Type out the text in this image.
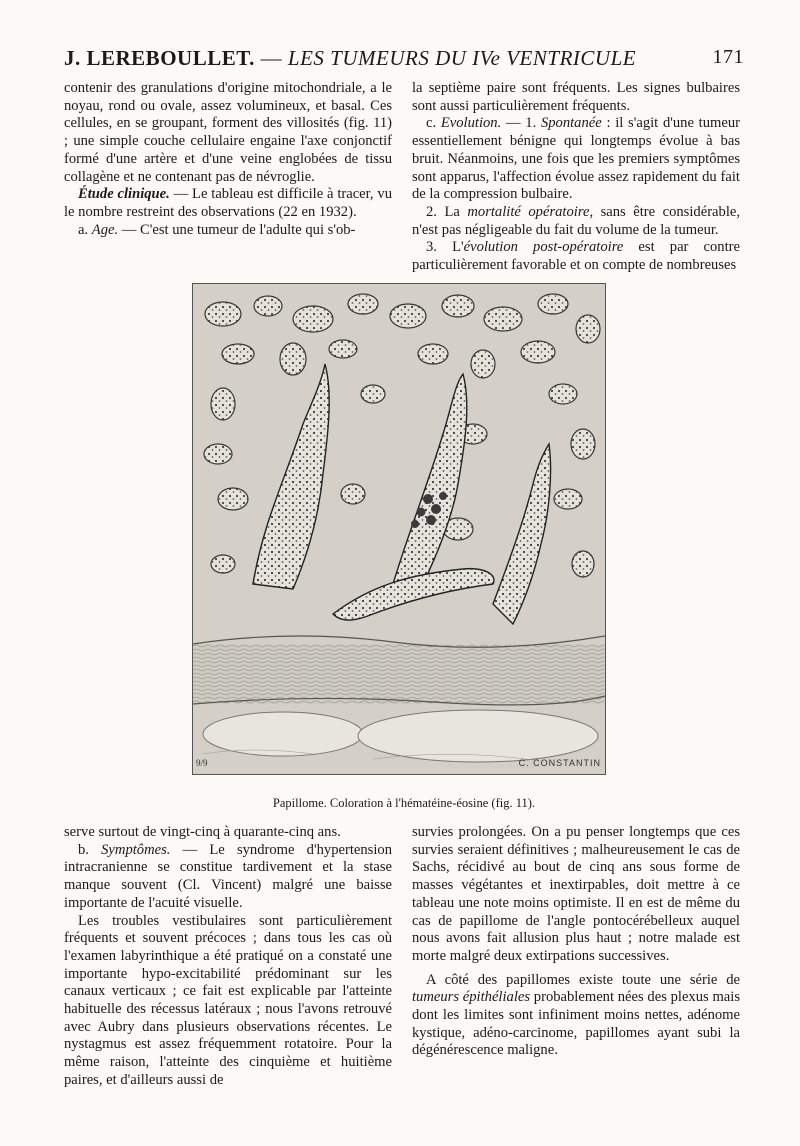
J. LEREBOULLET. — LES TUMEURS DU IVe VENTRICULE	171

contenir des granulations d'origine mitochondriale, a le noyau, rond ou ovale, assez volumineux, et basal. Ces cellules, en se groupant, forment des villosités (fig. 11) ; une simple couche cellulaire engaine l'axe conjonctif formé d'une artère et d'une veine englobées de tissu collagène et ne contenant pas de névroglie.

Étude clinique. — Le tableau est difficile à tracer, vu le nombre restreint des observations (22 en 1932).

a. Age. — C'est une tumeur de l'adulte qui s'ob-

la septième paire sont fréquents. Les signes bulbaires sont aussi particulièrement fréquents.

c. Evolution. — 1. Spontanée : il s'agit d'une tumeur essentiellement bénigne qui longtemps évolue à bas bruit. Néanmoins, une fois que les premiers symptômes sont apparus, l'affection évolue assez rapidement du fait de la compression bulbaire.

2. La mortalité opératoire, sans être considérable, n'est pas négligeable du fait du volume de la tumeur.

3. L'évolution post-opératoire est par contre particulièrement favorable et on compte de nombreuses

9/9	C. CONSTANTIN
Papillome. Coloration à l'hématéine-éosine (fig. 11).

serve surtout de vingt-cinq à quarante-cinq ans.

b. Symptômes. — Le syndrome d'hypertension intracranienne se constitue tardivement et la stase manque souvent (Cl. Vincent) malgré une baisse importante de l'acuité visuelle.

Les troubles vestibulaires sont particulièrement fréquents et souvent précoces ; dans tous les cas où l'examen labyrinthique a été pratiqué on a constaté une importante hypo-excitabilité prédominant sur les canaux verticaux ; ce fait est explicable par l'atteinte habituelle des récessus latéraux ; nous l'avons retrouvé avec Aubry dans plusieurs observations récentes. Le nystagmus est assez fréquemment rotatoire. Pour la même raison, l'atteinte des cinquième et huitième paires, et d'ailleurs aussi de

survies prolongées. On a pu penser longtemps que ces survies seraient définitives ; malheureusement le cas de Sachs, récidivé au bout de cinq ans sous forme de masses végétantes et inextirpables, doit mettre à ce tableau une note moins optimiste. Il en est de même du cas de papillome de l'angle pontocérébelleux auquel nous avons fait allusion plus haut ; notre malade est morte malgré deux extirpations successives.

A côté des papillomes existe toute une série de tumeurs épithéliales probablement nées des plexus mais dont les limites sont infiniment moins nettes, adénome kystique, adéno-carcinome, papillomes ayant subi la dégénérescence maligne.
